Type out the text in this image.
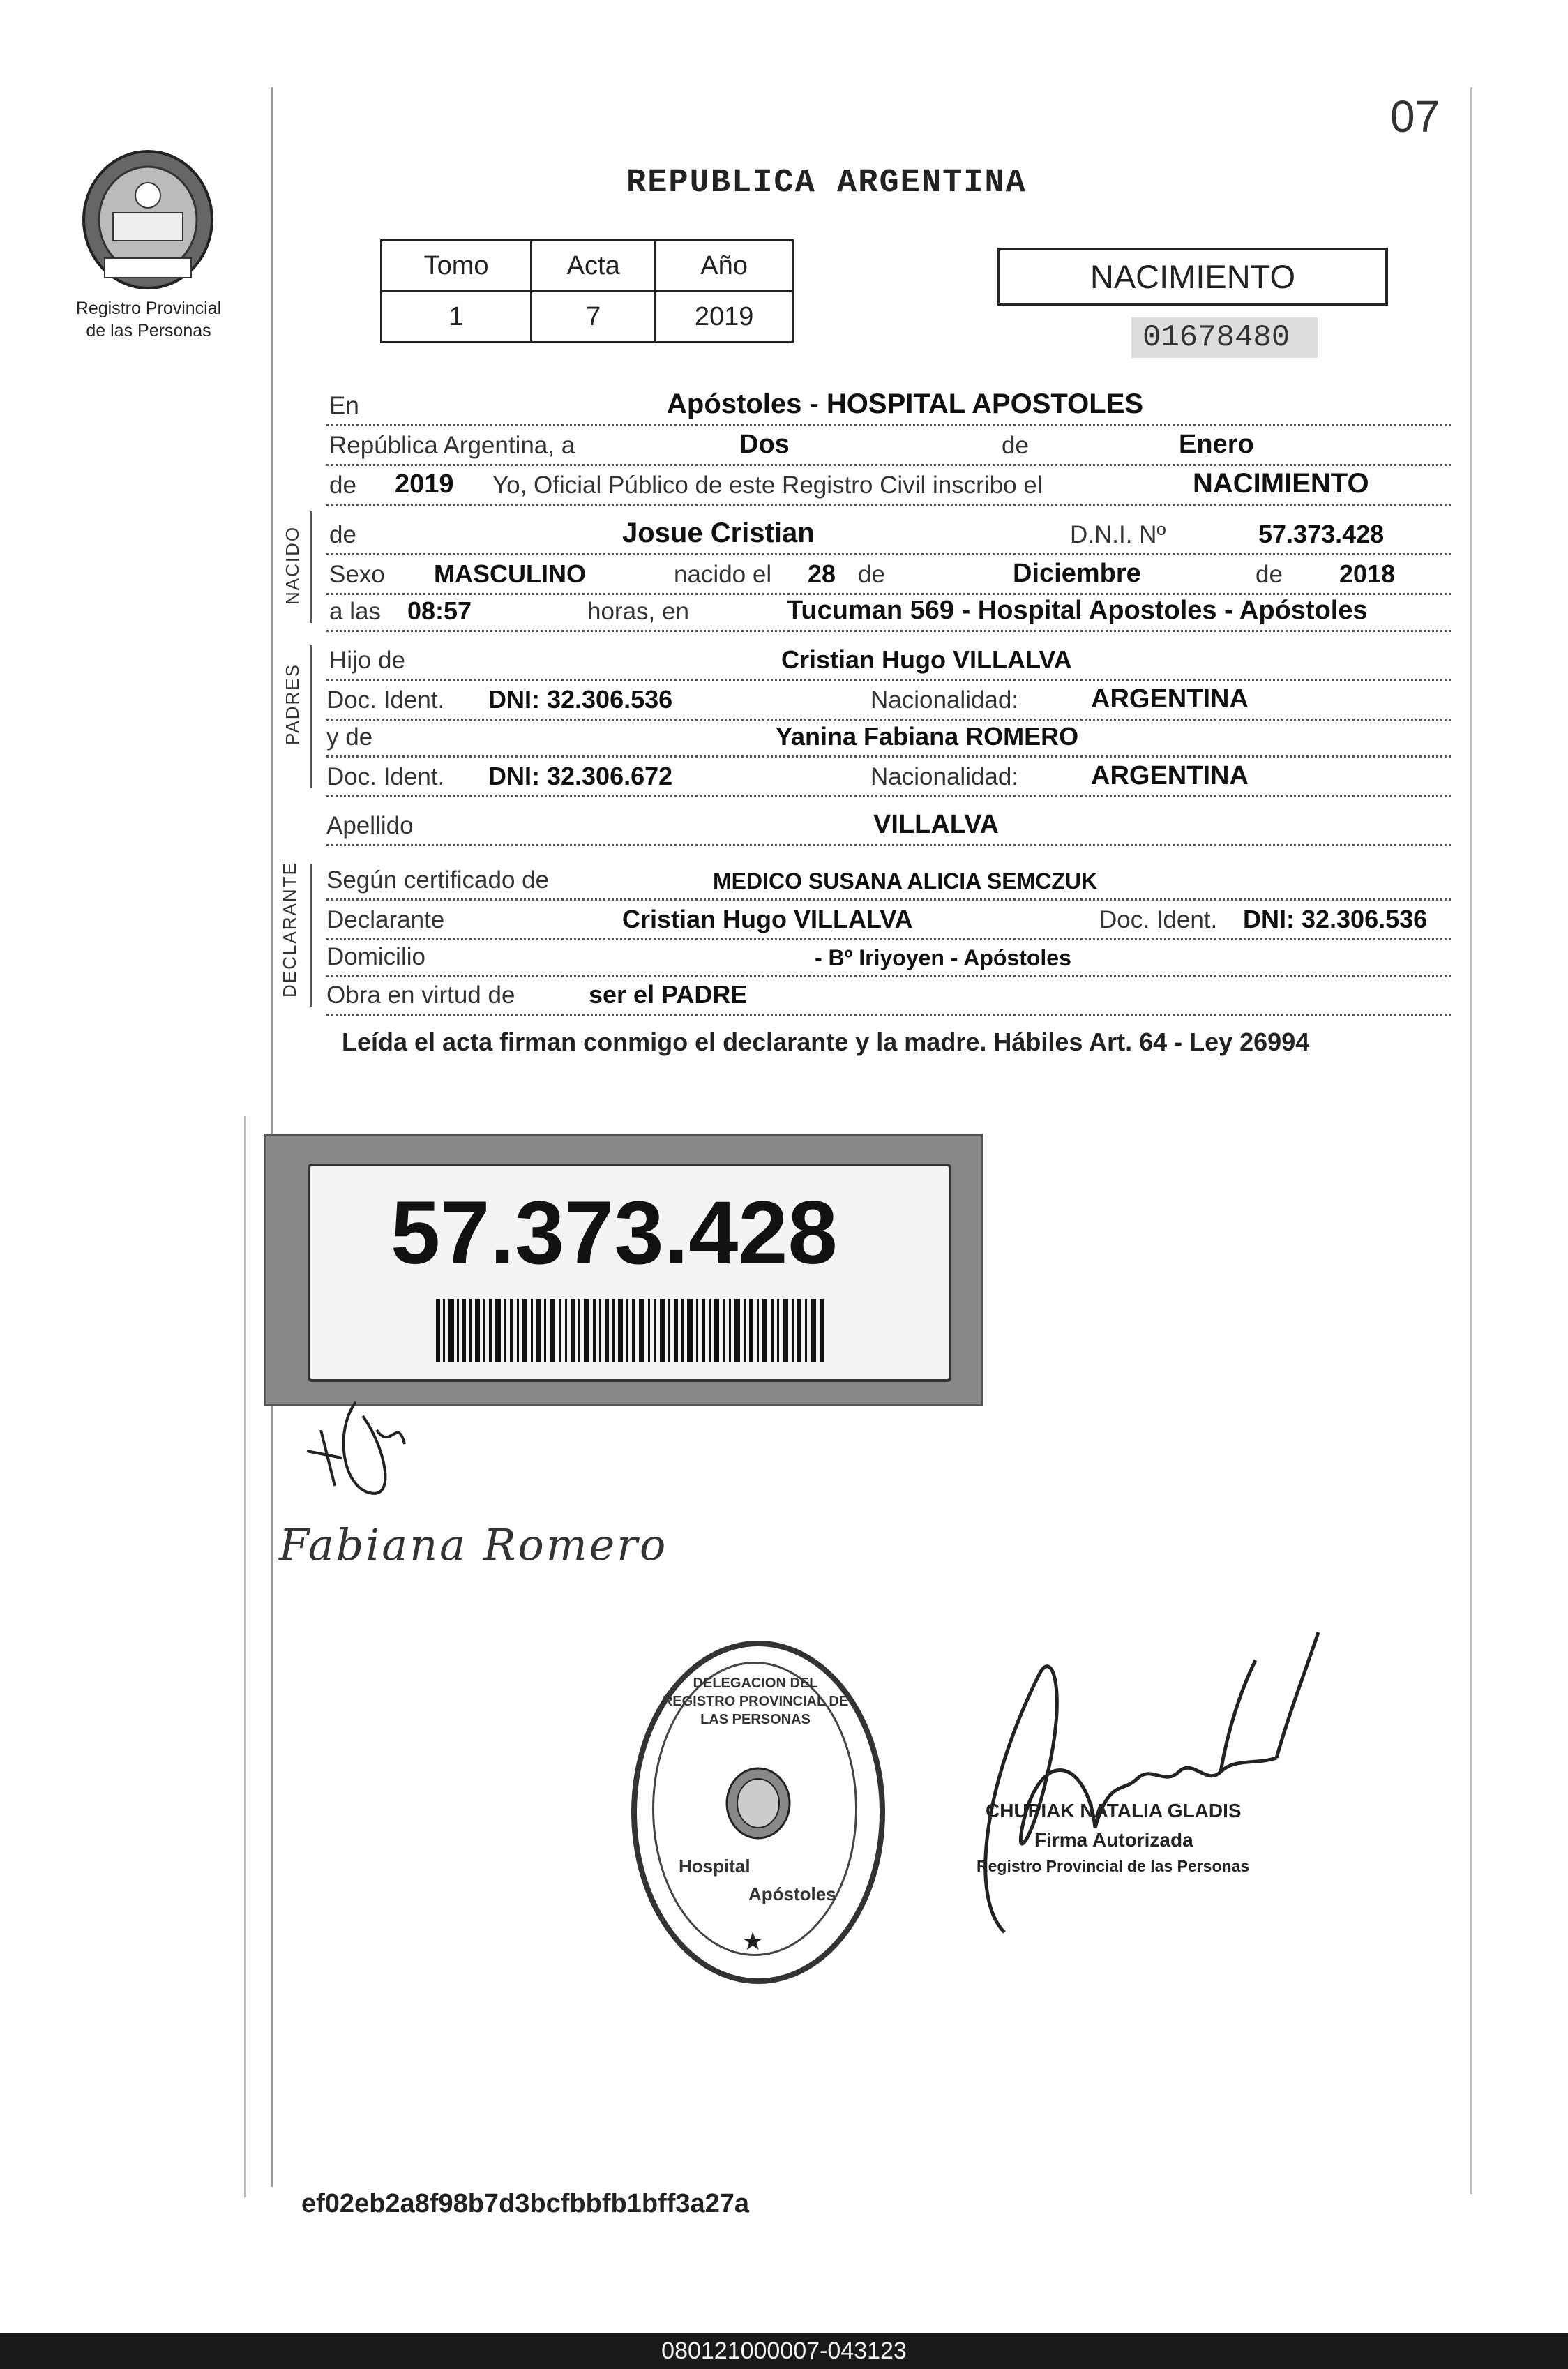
07
Registro Provincial
de las Personas
REPUBLICA ARGENTINA
Tomo	Acta	Año
1	7	2019
NACIMIENTO
01678480
En	Apóstoles - HOSPITAL APOSTOLES
República Argentina, a	Dos	de	Enero
de 2019 Yo, Oficial Público de este Registro Civil inscribo el	NACIMIENTO
NACIDO de	Josue Cristian	D.N.I. Nº	57.373.428
Sexo MASCULINO	nacido el 28 de	Diciembre	de 2018
a las 08:57	horas, en	Tucuman 569 - Hospital Apostoles - Apóstoles
PADRES
Hijo de	Cristian Hugo VILLALVA
Doc. Ident. DNI: 32.306.536	Nacionalidad:	ARGENTINA
y de	Yanina Fabiana ROMERO
Doc. Ident. DNI: 32.306.672	Nacionalidad:	ARGENTINA
Apellido	VILLALVA
DECLARANTE Según certificado de	MEDICO SUSANA ALICIA SEMCZUK
Declarante	Cristian Hugo VILLALVA	Doc. Ident. DNI: 32.306.536
Domicilio	- Bº Iriyoyen - Apóstoles
Obra en virtud de	ser el PADRE
Leída el acta firman conmigo el declarante y la madre. Hábiles Art. 64 - Ley 26994
57.373.428
Fabiana Romero
DELEGACION DEL REGISTRO PROVINCIAL DE LAS PERSONAS
Hospital
Apóstoles
★
CHUPIAK NATALIA GLADIS
Firma Autorizada
Registro Provincial de las Personas
ef02eb2a8f98b7d3bcfbbfb1bff3a27a
080121000007-043123
